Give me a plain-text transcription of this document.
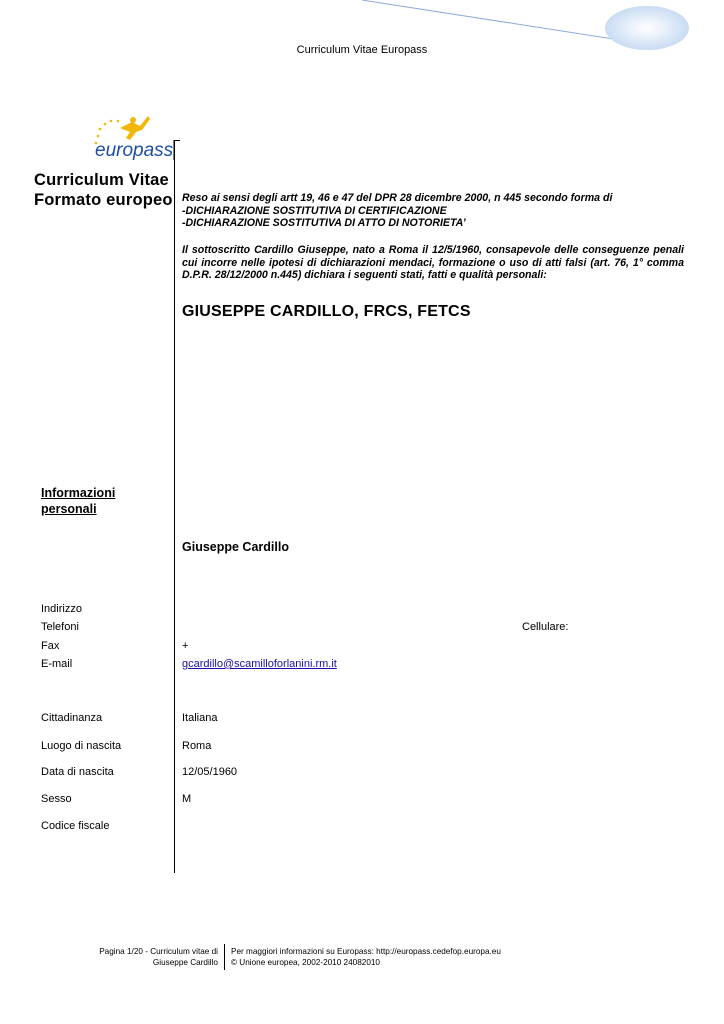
Curriculum Vitae Europass
europass
Curriculum Vitae
Formato europeo Reso ai sensi degli artt 19, 46 e 47 del DPR 28 dicembre 2000, n 445 secondo forma di
-DICHIARAZIONE SOSTITUTIVA DI CERTIFICAZIONE
-DICHIARAZIONE SOSTITUTIVA DI ATTO DI NOTORIETA’
Il sottoscritto Cardillo Giuseppe, nato a Roma il 12/5/1960, consapevole delle conseguenze penali cui incorre nelle ipotesi di dichiarazioni mendaci, formazione o uso di atti falsi (art. 76, 1° comma D.P.R. 28/12/2000 n.445) dichiara i seguenti stati, fatti e qualità personali:
GIUSEPPE CARDILLO, FRCS, FETCS
Informazioni
personali
Giuseppe Cardillo
Indirizzo
Telefoni	Cellulare:
Fax	+
E-mail	gcardillo@scamilloforlanini.rm.it
Cittadinanza	Italiana
Luogo di nascita	Roma
Data di nascita	12/05/1960
Sesso	M
Codice fiscale
Pagina 1/20 - Curriculum vitae di
Giuseppe Cardillo
Per maggiori informazioni su Europass: http://europass.cedefop.europa.eu
© Unione europea, 2002-2010 24082010
